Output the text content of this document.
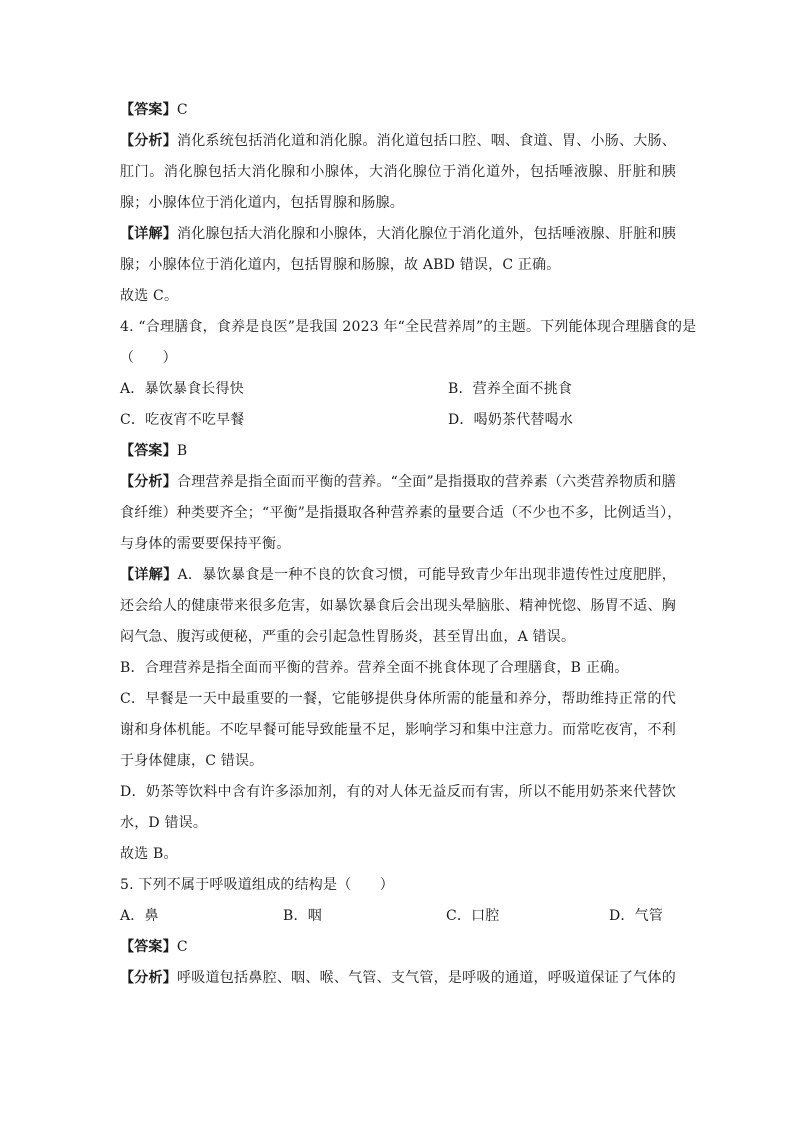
【答案】C
【分析】消化系统包括消化道和消化腺。消化道包括口腔、咽、食道、胃、小肠、大肠、
肛门。消化腺包括大消化腺和小腺体，大消化腺位于消化道外，包括唾液腺、肝脏和胰
腺；小腺体位于消化道内，包括胃腺和肠腺。
【详解】消化腺包括大消化腺和小腺体，大消化腺位于消化道外，包括唾液腺、肝脏和胰
腺；小腺体位于消化道内，包括胃腺和肠腺，故 ABD 错误，C 正确。
故选 C。
4. “合理膳食，食养是良医”是我国 2023 年“全民营养周”的主题。下列能体现合理膳食的是
（　　）
A．暴饮暴食长得快	B．营养全面不挑食
C．吃夜宵不吃早餐	D．喝奶茶代替喝水
【答案】B
【分析】合理营养是指全面而平衡的营养。“全面”是指摄取的营养素（六类营养物质和膳
食纤维）种类要齐全；“平衡”是指摄取各种营养素的量要合适（不少也不多，比例适当），
与身体的需要要保持平衡。
【详解】A．暴饮暴食是一种不良的饮食习惯，可能导致青少年出现非遗传性过度肥胖，
还会给人的健康带来很多危害，如暴饮暴食后会出现头晕脑胀、精神恍惚、肠胃不适、胸
闷气急、腹泻或便秘，严重的会引起急性胃肠炎，甚至胃出血，A 错误。
B．合理营养是指全面而平衡的营养。营养全面不挑食体现了合理膳食，B 正确。
C．早餐是一天中最重要的一餐，它能够提供身体所需的能量和养分，帮助维持正常的代
谢和身体机能。不吃早餐可能导致能量不足，影响学习和集中注意力。而常吃夜宵，不利
于身体健康，C 错误。
D．奶茶等饮料中含有许多添加剂，有的对人体无益反而有害，所以不能用奶茶来代替饮
水，D 错误。
故选 B。
5. 下列不属于呼吸道组成的结构是（　　）
A．鼻	B．咽	C．口腔	D．气管
【答案】C
【分析】呼吸道包括鼻腔、咽、喉、气管、支气管，是呼吸的通道，呼吸道保证了气体的
